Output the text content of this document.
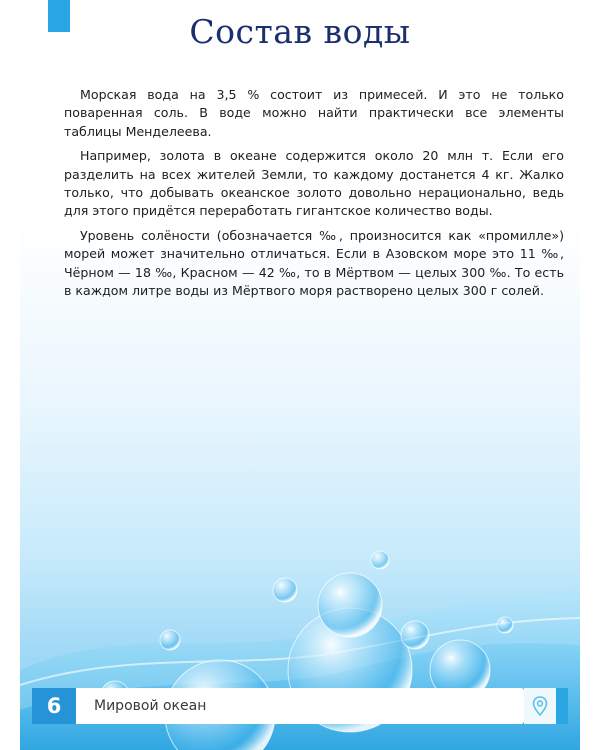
Состав воды

Морская вода на 3,5 % состоит из примесей. И это не только поваренная соль. В воде можно найти практически все элементы таблицы Менделеева.

Например, золота в океане содержится около 20 млн т. Если его разделить на всех жителей Земли, то каждому достанется 4 кг. Жалко только, что добывать океанское золото довольно нерационально, ведь для этого придётся переработать гигантское количество воды.

Уровень солёности (обозначается ‰, произносится как «промилле») морей может значительно отличаться. Если в Азовском море это 11 ‰, Чёрном — 18 ‰, Красном — 42 ‰, то в Мёртвом — целых 300 ‰. То есть в каждом литре воды из Мёртвого моря растворено целых 300 г солей.

6	Мировой океан
